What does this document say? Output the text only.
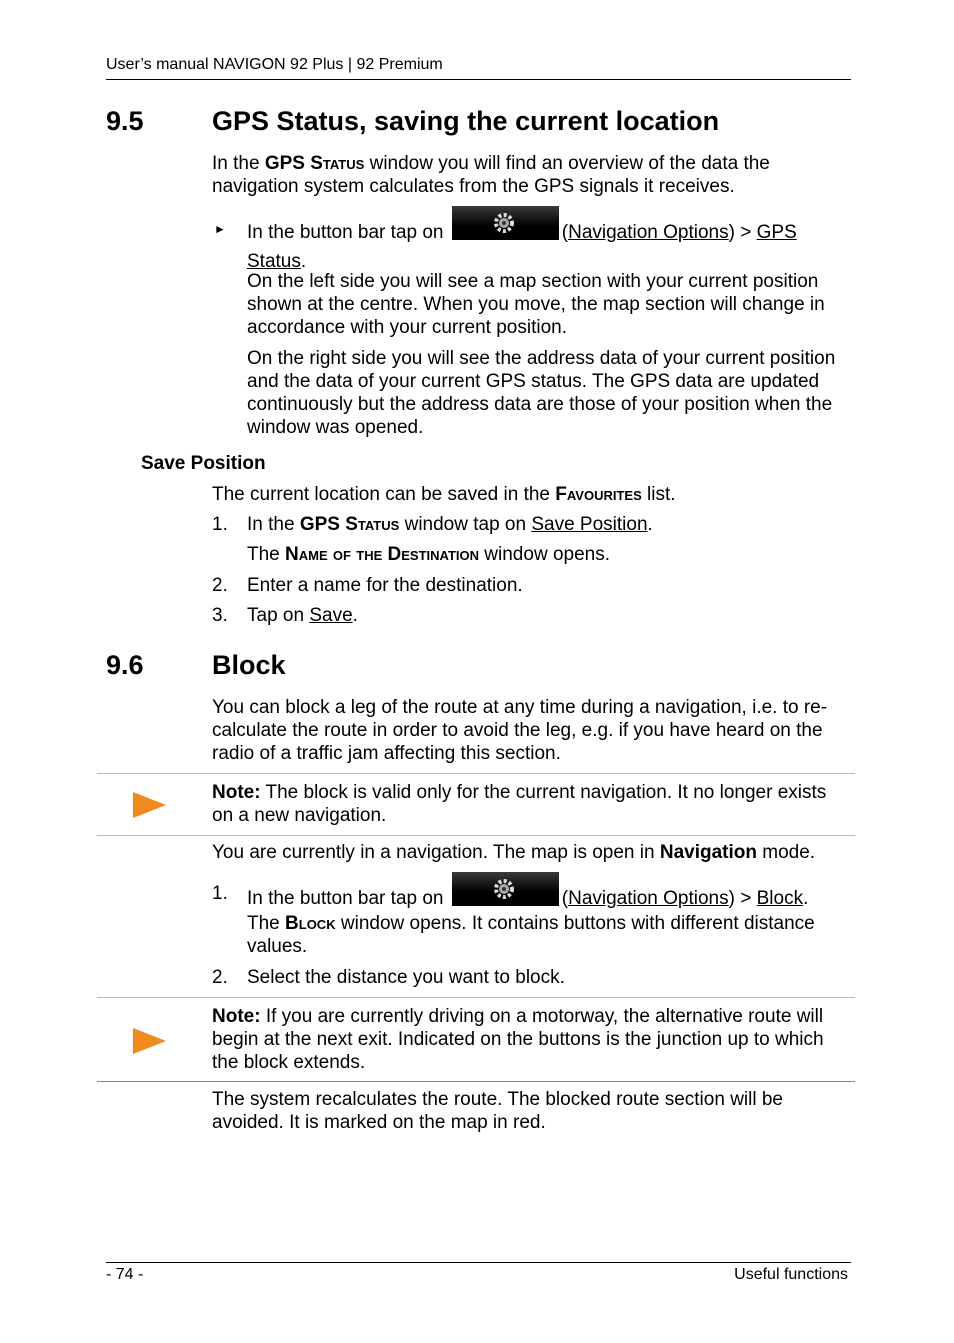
User’s manual NAVIGON 92 Plus | 92 Premium
9.5	GPS Status, saving the current location
In the GPS Status window you will find an overview of the data the navigation system calculates from the GPS signals it receives.
► In the button bar tap on	(Navigation Options) > GPS Status.
On the left side you will see a map section with your current position shown at the centre. When you move, the map section will change in accordance with your current position.
On the right side you will see the address data of your current position and the data of your current GPS status. The GPS data are updated continuously but the address data are those of your position when the window was opened.
Save Position
The current location can be saved in the Favourites list.
1. In the GPS Status window tap on Save Position.
The Name of the Destination window opens.
2. Enter a name for the destination.
3. Tap on Save.
9.6	Block
You can block a leg of the route at any time during a navigation, i.e. to re-calculate the route in order to avoid the leg, e.g. if you have heard on the radio of a traffic jam affecting this section.
Note: The block is valid only for the current navigation. It no longer exists on a new navigation.
You are currently in a navigation. The map is open in Navigation mode.
1. In the button bar tap on	(Navigation Options) > Block.
The Block window opens. It contains buttons with different distance values.
2. Select the distance you want to block.
Note: If you are currently driving on a motorway, the alternative route will begin at the next exit. Indicated on the buttons is the junction up to which the block extends.
The system recalculates the route. The blocked route section will be avoided. It is marked on the map in red.
- 74 -	Useful functions
